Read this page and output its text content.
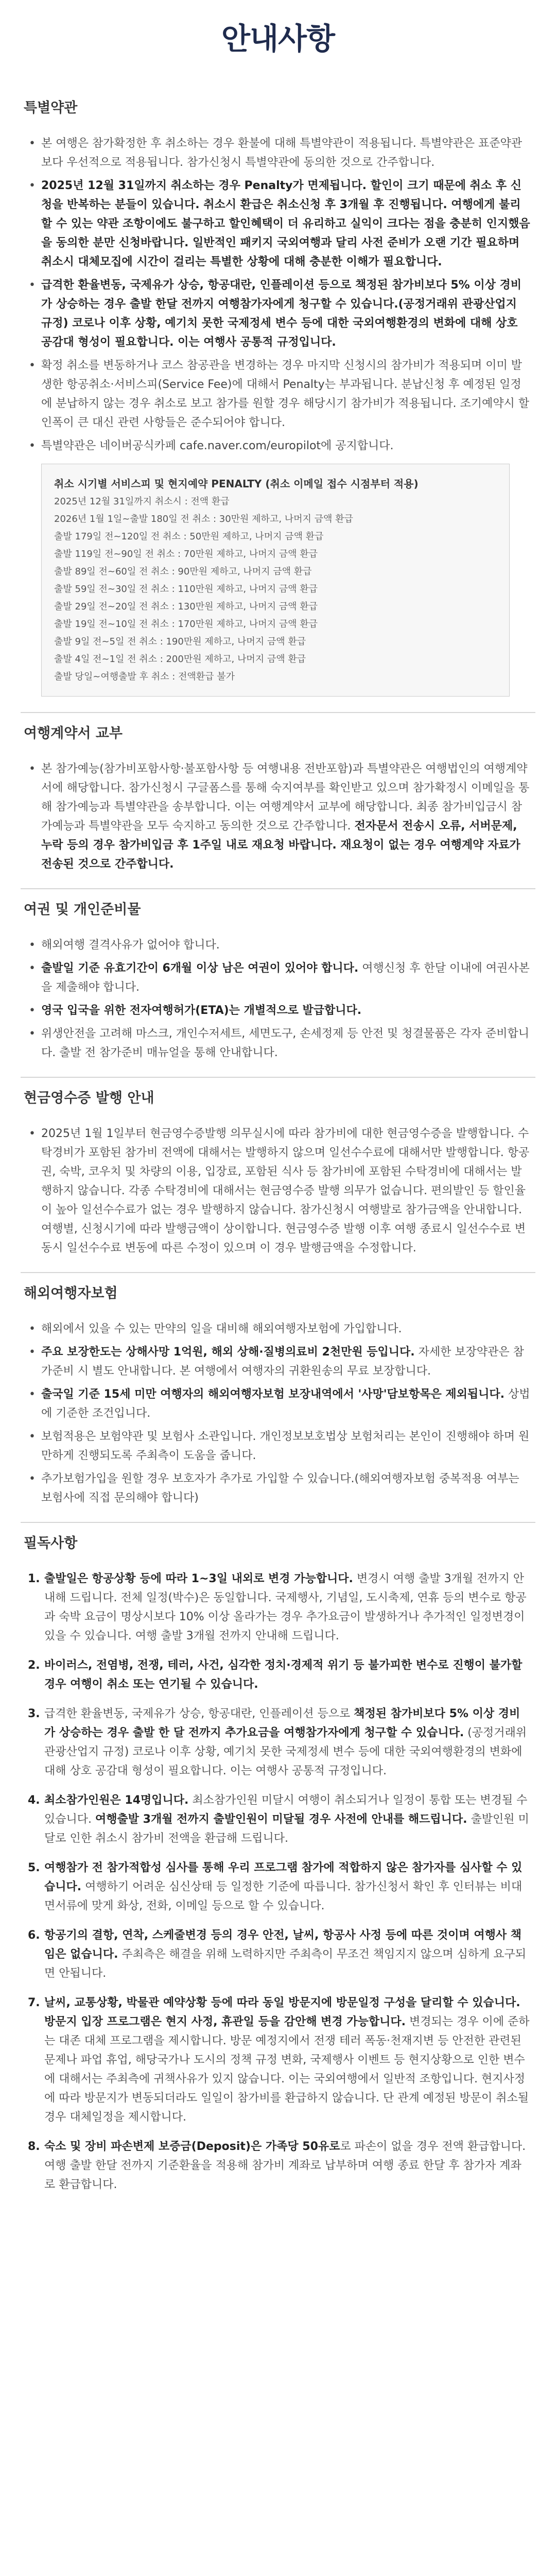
안내사항
특별약관
• 본 여행은 참가확정한 후 취소하는 경우 환불에 대해 특별약관이 적용됩니다. 특별약관은 표준약관보다 우선적으로 적용됩니다. 참가신청시 특별약관에 동의한 것으로 간주합니다.
• 2025년 12월 31일까지 취소하는 경우 Penalty가 면제됩니다. 할인이 크기 때문에 취소 후 신청을 반복하는 분들이 있습니다. 취소시 환급은 취소신청 후 3개월 후 진행됩니다. 여행에게 불리할 수 있는 약관 조항이에도 불구하고 할인혜택이 더 유리하고 실익이 크다는 점을 충분히 인지했음을 동의한 분만 신청바랍니다. 일반적인 패키지 국외여행과 달리 사전 준비가 오랜 기간 필요하며 취소시 대체모집에 시간이 걸리는 특별한 상황에 대해 충분한 이해가 필요합니다.
• 급격한 환율변동, 국제유가 상승, 항공대란, 인플레이션 등으로 책정된 참가비보다 5% 이상 경비가 상승하는 경우 출발 한달 전까지 여행참가자에게 청구할 수 있습니다.(공정거래위 관광산업지 규정) 코로나 이후 상황, 예기치 못한 국제정세 변수 등에 대한 국외여행환경의 변화에 대해 상호 공감대 형성이 필요합니다. 이는 여행사 공통적 규정입니다.
• 확정 취소를 변동하거나 코스 참공관을 변경하는 경우 마지막 신청시의 참가비가 적용되며 이미 발생한 항공취소·서비스피(Service Fee)에 대해서 Penalty는 부과됩니다. 분납신청 후 예정된 일정에 분납하지 않는 경우 취소로 보고 참가를 원할 경우 해당시기 참가비가 적용됩니다. 조기예약시 할인폭이 큰 대신 관련 사항들은 준수되어야 합니다.
• 특별약관은 네이버공식카페 cafe.naver.com/europilot에 공지합니다.
취소 시기별 서비스피 및 현지예약 PENALTY (취소 이메일 접수 시점부터 적용)
2025년 12월 31일까지 취소시 : 전액 환급
2026년 1월 1일~출발 180일 전 취소 : 30만원 제하고, 나머지 금액 환급
출발 179일 전~120일 전 취소 : 50만원 제하고, 나머지 금액 환급
출발 119일 전~90일 전 취소 : 70만원 제하고, 나머지 금액 환급
출발 89일 전~60일 전 취소 : 90만원 제하고, 나머지 금액 환급
출발 59일 전~30일 전 취소 : 110만원 제하고, 나머지 금액 환급
출발 29일 전~20일 전 취소 : 130만원 제하고, 나머지 금액 환급
출발 19일 전~10일 전 취소 : 170만원 제하고, 나머지 금액 환급
출발 9일 전~5일 전 취소 : 190만원 제하고, 나머지 금액 환급
출발 4일 전~1일 전 취소 : 200만원 제하고, 나머지 금액 환급
출발 당일~여행출발 후 취소 : 전액환급 불가
여행계약서 교부
• 본 참가예능(참가비포함사항·불포함사항 등 여행내용 전반포함)과 특별약관은 여행법인의 여행계약서에 해당합니다. 참가신청시 구글폼스를 통해 숙지여부를 확인받고 있으며 참가확정시 이메일을 통해 참가예능과 특별약관을 송부합니다. 이는 여행계약서 교부에 해당합니다. 최종 참가비입금시 참가예능과 특별약관을 모두 숙지하고 동의한 것으로 간주합니다. 전자문서 전송시 오류, 서버문제, 누락 등의 경우 참가비입금 후 1주일 내로 재요청 바랍니다. 재요청이 없는 경우 여행계약 자료가 전송된 것으로 간주합니다.
여권 및 개인준비물
• 해외여행 결격사유가 없어야 합니다.
• 출발일 기준 유효기간이 6개월 이상 남은 여권이 있어야 합니다. 여행신청 후 한달 이내에 여권사본을 제출해야 합니다.
• 영국 입국을 위한 전자여행허가(ETA)는 개별적으로 발급합니다.
• 위생안전을 고려해 마스크, 개인수저세트, 세면도구, 손세정제 등 안전 및 청결물품은 각자 준비합니다. 출발 전 참가준비 매뉴얼을 통해 안내합니다.
현금영수증 발행 안내
• 2025년 1월 1일부터 현금영수증발행 의무실시에 따라 참가비에 대한 현금영수증을 발행합니다. 수탁경비가 포함된 참가비 전액에 대해서는 발행하지 않으며 일선수수료에 대해서만 발행합니다. 항공권, 숙박, 코우치 및 차량의 이용, 입장료, 포함된 식사 등 참가비에 포함된 수탁경비에 대해서는 발행하지 않습니다. 각종 수탁경비에 대해서는 현금영수증 발행 의무가 없습니다. 편의발인 등 할인율이 높아 일선수수료가 없는 경우 발행하지 않습니다. 참가신청시 여행발로 참가금액을 안내합니다. 여행별, 신청시기에 따라 발행금액이 상이합니다. 현금영수증 발행 이후 여행 종료시 일선수수료 변동시 일선수수료 변동에 따른 수정이 있으며 이 경우 발행금액을 수정합니다.
해외여행자보험
• 해외에서 있을 수 있는 만약의 일을 대비해 해외여행자보험에 가입합니다.
• 주요 보장한도는 상해사망 1억원, 해외 상해·질병의료비 2천만원 등입니다. 자세한 보장약관은 참가준비 시 별도 안내합니다. 본 여행에서 여행자의 귀환원송의 무료 보장합니다.
• 출국일 기준 15세 미만 여행자의 해외여행자보험 보장내역에서 '사망'담보항목은 제외됩니다. 상법에 기준한 조건입니다.
• 보험적용은 보험약관 및 보험사 소관입니다. 개인정보보호법상 보험처리는 본인이 진행해야 하며 원만하게 진행되도록 주최측이 도움을 줍니다.
• 추가보험가입을 원할 경우 보호자가 추가로 가입할 수 있습니다.(해외여행자보험 중복적용 여부는 보험사에 직접 문의해야 합니다)
필독사항
1. 출발일은 항공상황 등에 따라 1~3일 내외로 변경 가능합니다. 변경시 여행 출발 3개월 전까지 안내해 드립니다. 전체 일정(박수)은 동일합니다. 국제행사, 기념일, 도시축제, 연휴 등의 변수로 항공과 숙박 요금이 명상시보다 10% 이상 올라가는 경우 추가요금이 발생하거나 추가적인 일정변경이 있을 수 있습니다. 여행 출발 3개월 전까지 안내해 드립니다.
2. 바이러스, 전염병, 전쟁, 테러, 사건, 심각한 정치·경제적 위기 등 불가피한 변수로 진행이 불가할 경우 여행이 취소 또는 연기될 수 있습니다.
3. 급격한 환율변동, 국제유가 상승, 항공대란, 인플레이션 등으로 책정된 참가비보다 5% 이상 경비가 상승하는 경우 출발 한 달 전까지 추가요금을 여행참가자에게 청구할 수 있습니다. (공정거래위 관광산업지 규정) 코로나 이후 상황, 예기치 못한 국제정세 변수 등에 대한 국외여행환경의 변화에 대해 상호 공감대 형성이 필요합니다. 이는 여행사 공통적 규정입니다.
4. 최소참가인원은 14명입니다. 최소참가인원 미달시 여행이 취소되거나 일정이 통합 또는 변경될 수 있습니다. 여행출발 3개월 전까지 출발인원이 미달될 경우 사전에 안내를 해드립니다. 출발인원 미달로 인한 취소시 참가비 전액을 환급해 드립니다.
5. 여행참가 전 참가적합성 심사를 통해 우리 프로그램 참가에 적합하지 않은 참가자를 심사할 수 있습니다. 여행하기 어려운 심신상태 등 일정한 기준에 따릅니다. 참가신청서 확인 후 인터뷰는 비대면서류에 맞게 화상, 전화, 이메일 등으로 할 수 있습니다.
6. 항공기의 결항, 연착, 스케줄변경 등의 경우 안전, 날씨, 항공사 사정 등에 따른 것이며 여행사 책임은 없습니다. 주최측은 해결을 위해 노력하지만 주최측이 무조건 책임지지 않으며 심하게 요구되면 안됩니다.
7. 날씨, 교통상황, 박물관 예약상황 등에 따라 동일 방문지에 방문일정 구성을 달리할 수 있습니다. 방문지 입장 프로그램은 현지 사정, 휴관일 등을 감안해 변경 가능합니다. 변경되는 경우 이에 준하는 대존 대체 프로그램을 제시합니다. 방문 예정지에서 전쟁 테러 폭동·천재지변 등 안전한 관련된 문제나 파업 휴업, 해당국가나 도시의 정책 규정 변화, 국제행사 이벤트 등 현지상황으로 인한 변수에 대해서는 주최측에 귀책사유가 있지 않습니다. 이는 국외여행에서 일반적 조항입니다. 현지사정에 따라 방문지가 변동되더라도 일일이 참가비를 환급하지 않습니다. 단 관계 예정된 방문이 취소될 경우 대체일정을 제시합니다.
8. 숙소 및 장비 파손변제 보증금(Deposit)은 가족당 50유로로 파손이 없을 경우 전액 환급합니다. 여행 출발 한달 전까지 기준환율을 적용해 참가비 계좌로 납부하며 여행 종료 한달 후 참가자 계좌로 환급합니다.
